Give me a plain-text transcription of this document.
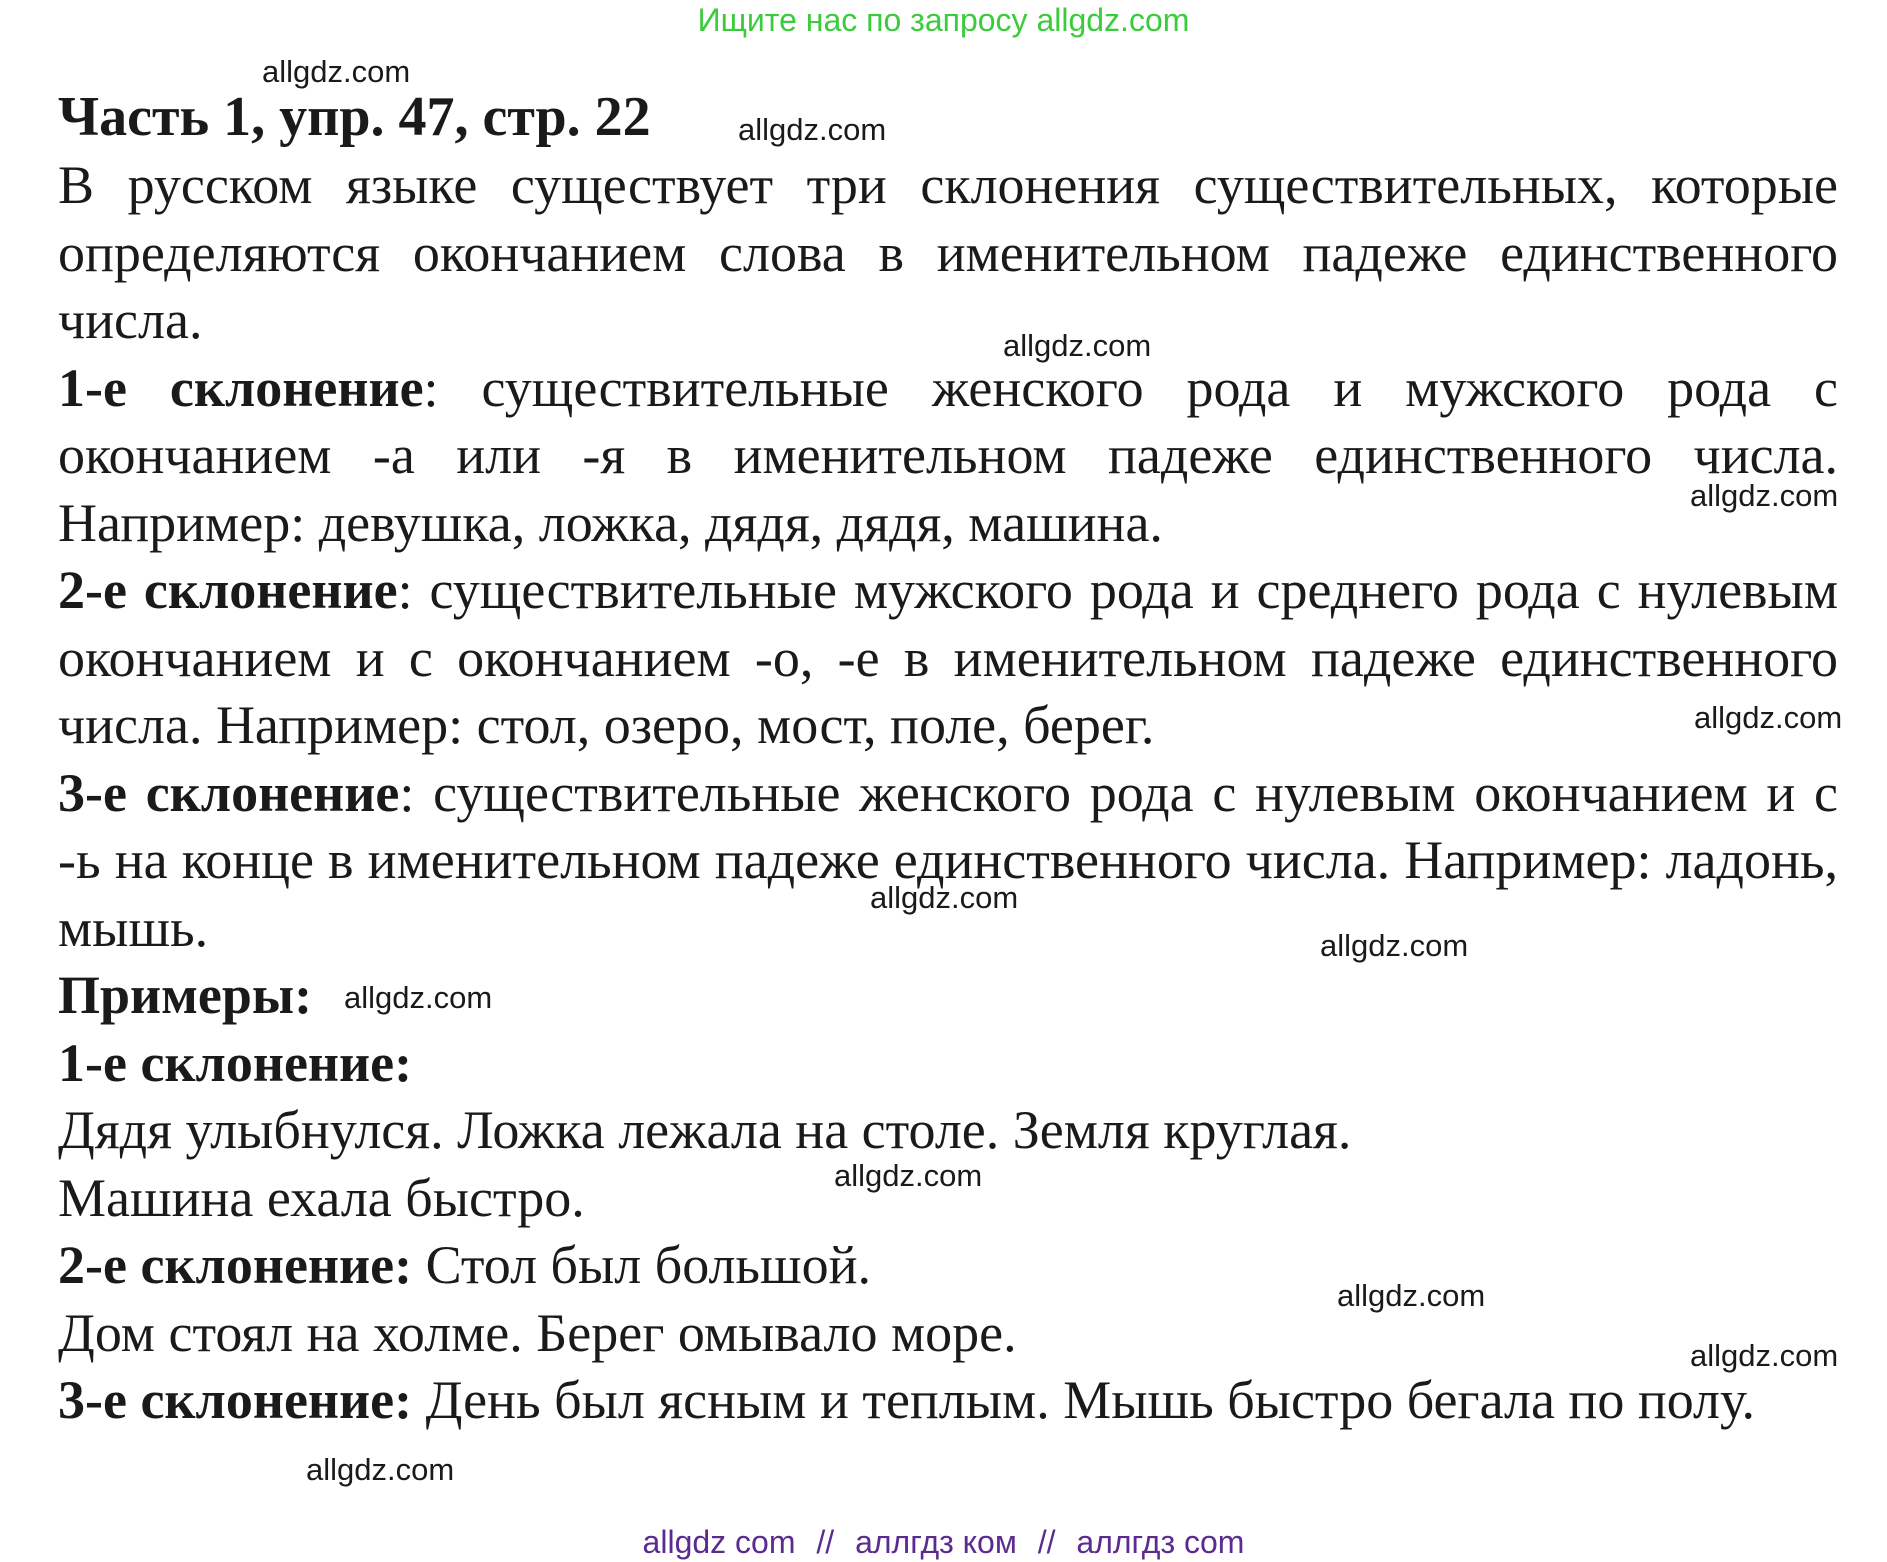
Ищите нас по запросу allgdz.com

Часть 1, упр. 47, стр. 22

В русском языке существует три склонения существительных, которые определяются окончанием слова в именительном падеже единственного числа.

1-е склонение: существительные женского рода и мужского рода с окончанием -а или -я в именительном падеже единственного числа. Например: девушка, ложка, дядя, дядя, машина.

2-е склонение: существительные мужского рода и среднего рода с нулевым окончанием и с окончанием -о, -е в именительном падеже единственного числа. Например: стол, озеро, мост, поле, берег.

3-е склонение: существительные женского рода с нулевым окончанием и с -ь на конце в именительном падеже единственного числа. Например: ладонь, мышь.

Примеры:

1-е склонение:

Дядя улыбнулся. Ложка лежала на столе. Земля круглая.

Машина ехала быстро.

2-е склонение: Стол был большой.

Дом стоял на холме. Берег омывало море.

3-е склонение: День был ясным и теплым. Мышь быстро бегала по полу.

allgdz.com
allgdz.com
allgdz.com
allgdz.com
allgdz.com
allgdz.com
allgdz.com
allgdz.com
allgdz.com
allgdz.com
allgdz.com
allgdz.com
allgdz com // аллгдз ком // аллгдз com
